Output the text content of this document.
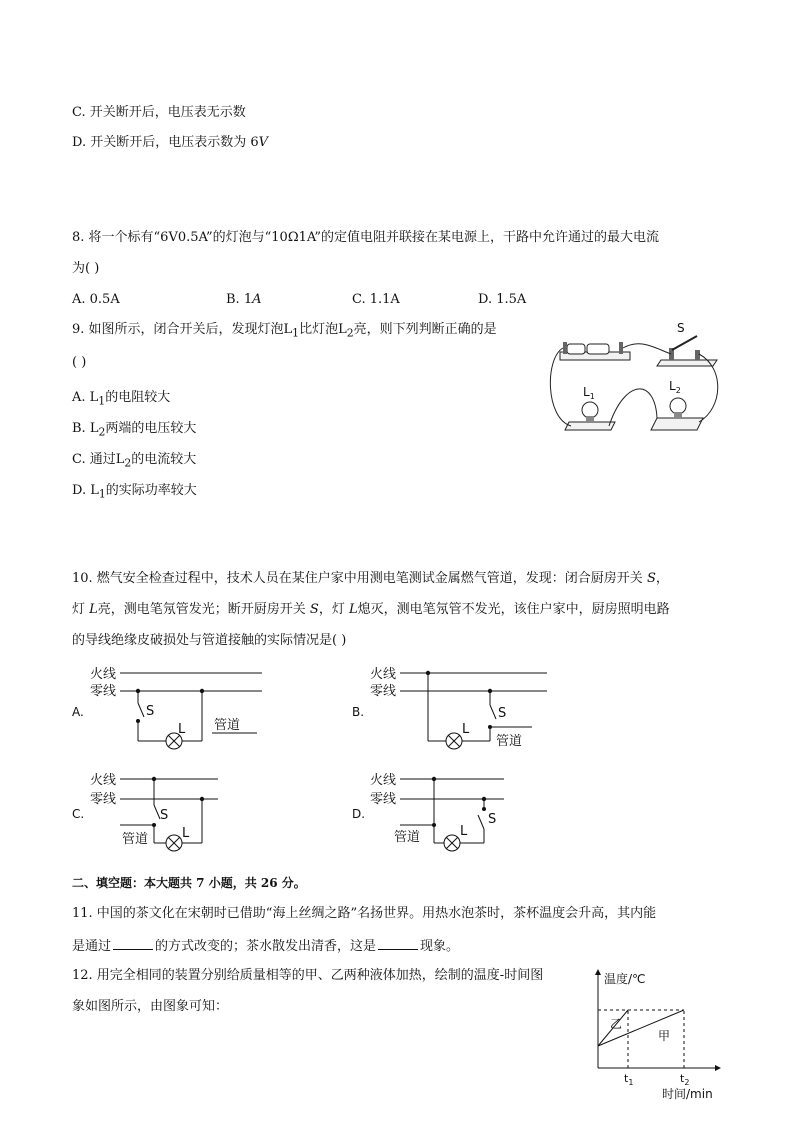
C. 开关断开后，电压表无示数
D. 开关断开后，电压表示数为 6V
8. 将一个标有“6V0.5A”的灯泡与“10Ω1A”的定值电阻并联接在某电源上，干路中允许通过的最大电流
为( )
A. 0.5A	B. 1A	C. 1.1A	D. 1.5A
9. 如图所示，闭合开关后，发现灯泡$L_1$比灯泡$L_2$亮，则下列判断正确的是
( )
A. $L_1$的电阻较大
B. $L_2$两端的电压较大
C. 通过$L_2$的电流较大
D. $L_1$的实际功率较大
S
$L_1$
$L_2$
10. 燃气安全检查过程中，技术人员在某住户家中用测电笔测试金属燃气管道，发现：闭合厨房开关 S，
灯 L亮，测电笔氖管发光；断开厨房开关 S，灯 L熄灭，测电笔氖管不发光，该住户家中，厨房照明电路
的导线绝缘皮破损处与管道接触的实际情况是( )
A.
火线
零线
S
L 管道
B.
火线
零线
L
S
管道
C.
火线
零线
S
管道	L
D.
火线
零线
管道	L
S
二、填空题：本大题共 7 小题，共 26 分。
11. 中国的茶文化在宋朝时已借助“海上丝绸之路”名扬世界。用热水泡茶时，茶杯温度会升高，其内能
是通过	的方式改变的；茶水散发出清香，这是	现象。
12. 用完全相同的装置分别给质量相等的甲、乙两种液体加热，绘制的温度-时间图
象如图所示，由图象可知：
温度/℃
时间/min
乙
甲
$t_1$	$t_2$
